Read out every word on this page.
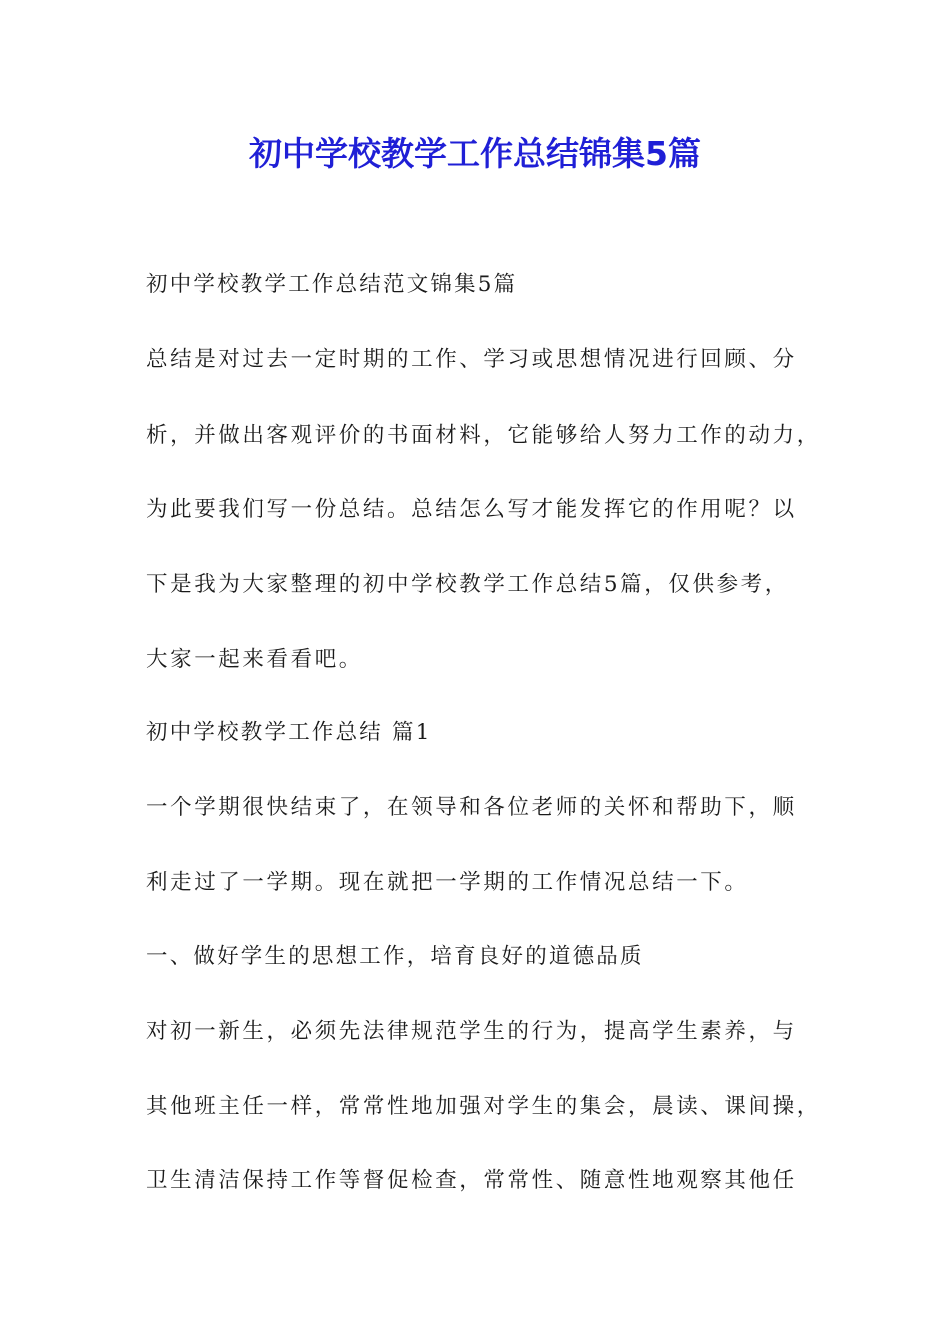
初中学校教学工作总结锦集5篇

初中学校教学工作总结范文锦集5篇

总结是对过去一定时期的工作、学习或思想情况进行回顾、分

析，并做出客观评价的书面材料，它能够给人努力工作的动力，

为此要我们写一份总结。总结怎么写才能发挥它的作用呢？以

下是我为大家整理的初中学校教学工作总结5篇，仅供参考，

大家一起来看看吧。

初中学校教学工作总结 篇1

一个学期很快结束了，在领导和各位老师的关怀和帮助下，顺

利走过了一学期。现在就把一学期的工作情况总结一下。

一、做好学生的思想工作，培育良好的道德品质

对初一新生，必须先法律规范学生的行为，提高学生素养，与

其他班主任一样，常常性地加强对学生的集会，晨读、课间操，

卫生清洁保持工作等督促检查，常常性、随意性地观察其他任
